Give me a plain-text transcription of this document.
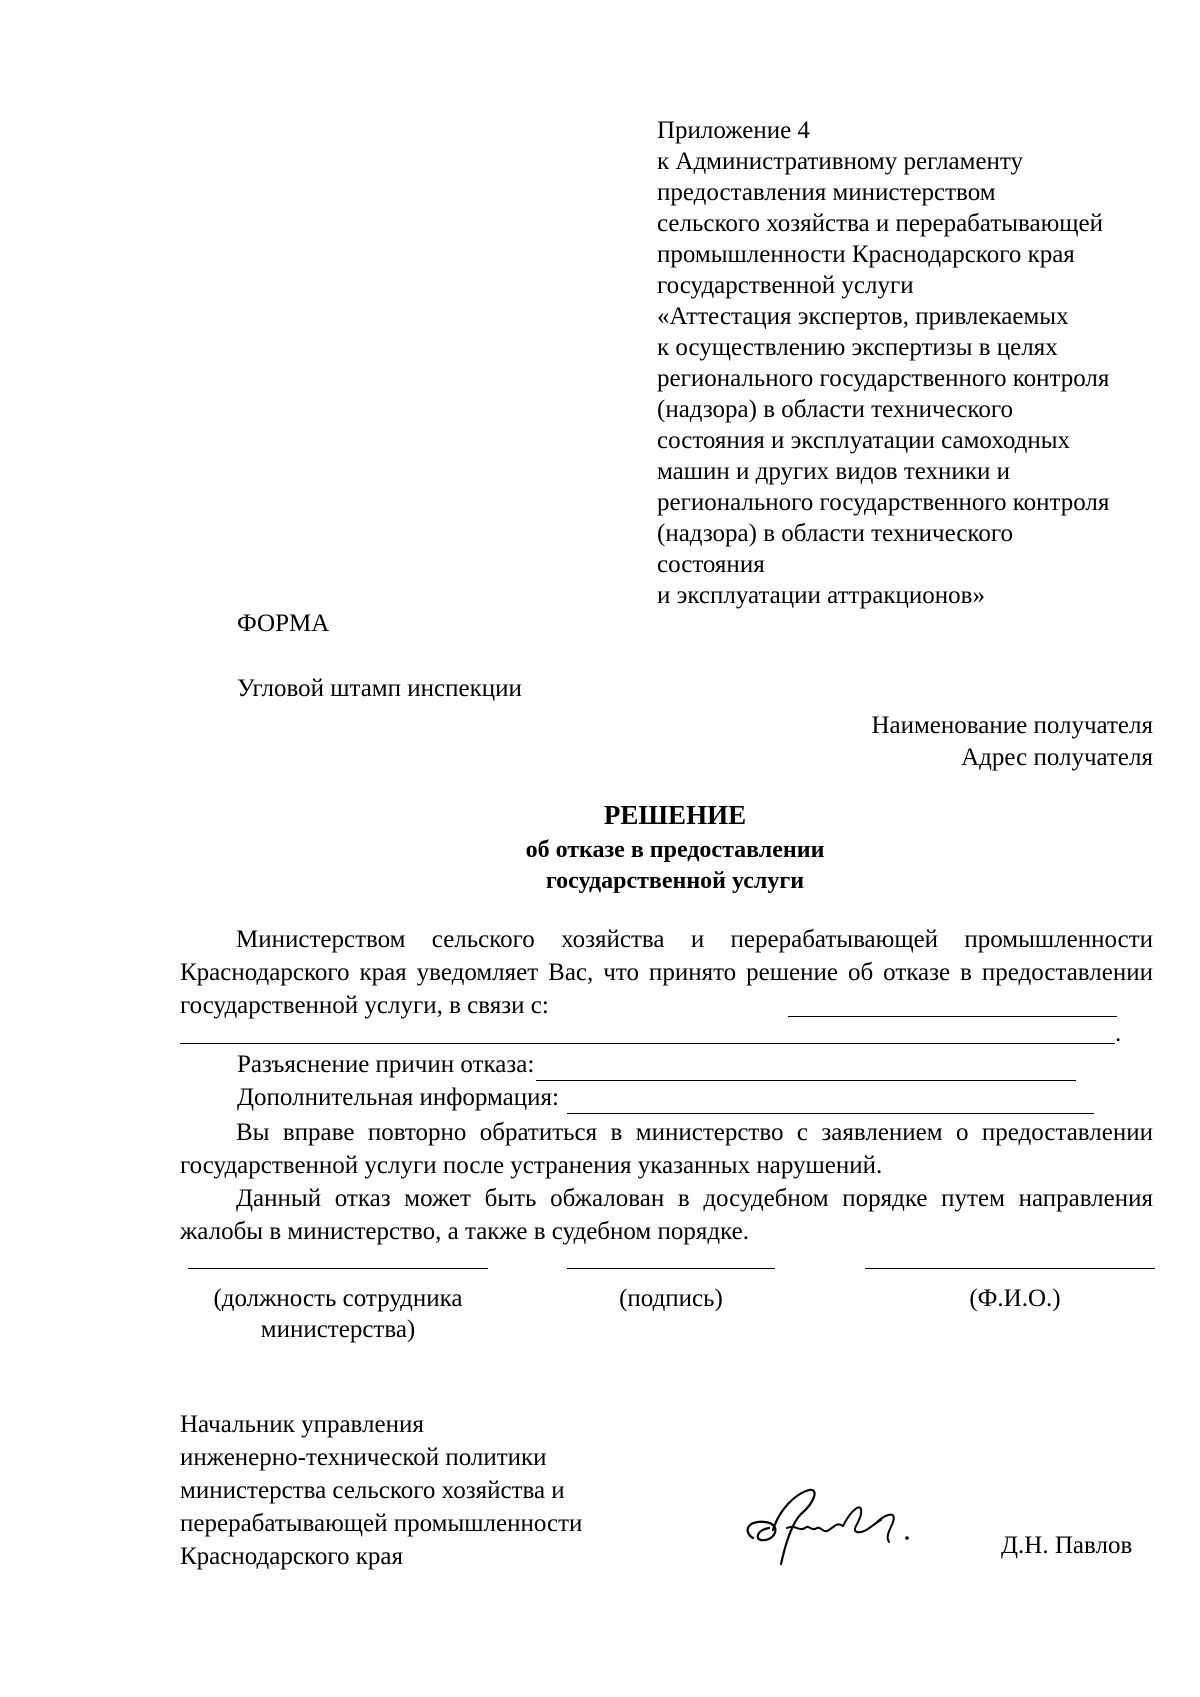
Приложение 4
к Административному регламенту
предоставления министерством
сельского хозяйства и перерабатывающей
промышленности Краснодарского края
государственной услуги
«Аттестация экспертов, привлекаемых
к осуществлению экспертизы в целях
регионального государственного контроля
(надзора) в области технического
состояния и эксплуатации самоходных
машин и других видов техники и
регионального государственного контроля
(надзора) в области технического
состояния
и эксплуатации аттракционов»
ФОРМА
Угловой штамп инспекции
Наименование получателя
Адрес получателя
РЕШЕНИЕ
об отказе в предоставлении
государственной услуги
Министерством сельского хозяйства и перерабатывающей промышленности Краснодарского края уведомляет Вас, что принято решение об отказе в предоставлении государственной услуги, в связи с:
.
Разъяснение причин отказа:
Дополнительная информация:
Вы вправе повторно обратиться в министерство с заявлением о предоставлении государственной услуги после устранения указанных нарушений.
Данный отказ может быть обжалован в досудебном порядке путем направления жалобы в министерство, а также в судебном порядке.
(должность сотрудника министерства)
(подпись)	(Ф.И.О.)
Начальник управления
инженерно-технической политики
министерства сельского хозяйства и
перерабатывающей промышленности
Краснодарского края	Д.Н. Павлов
